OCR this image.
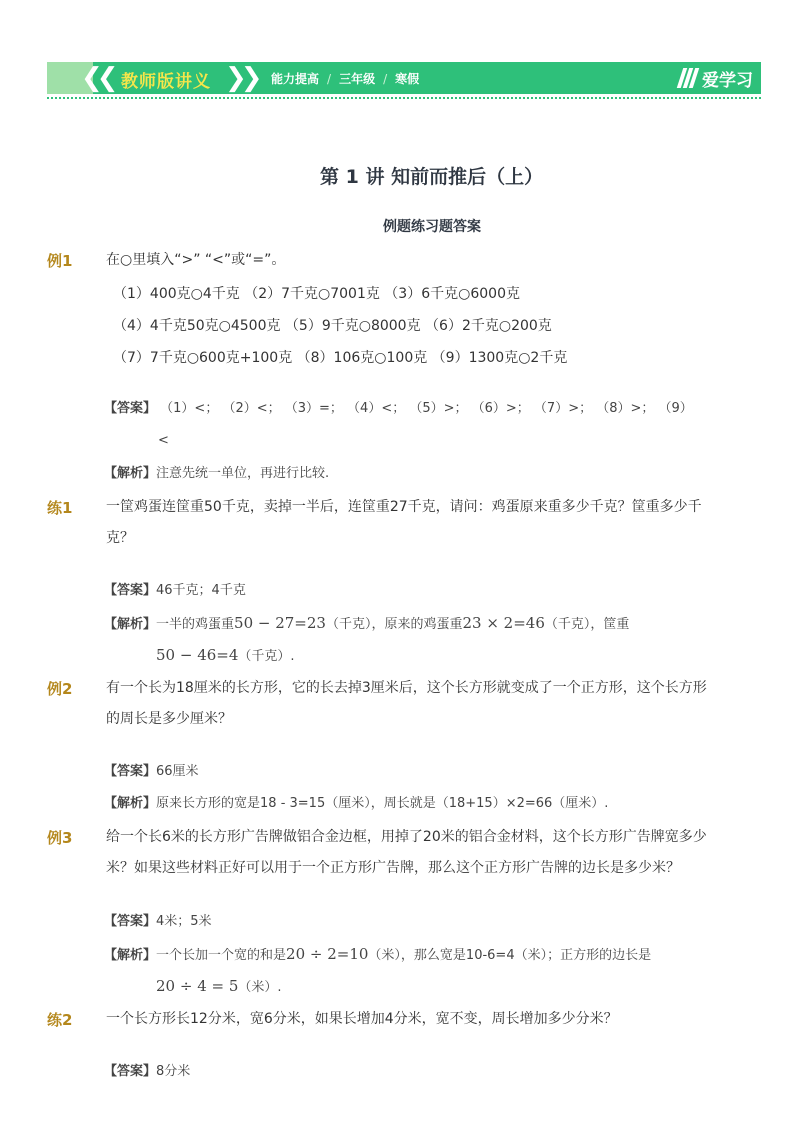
❮❮ 教师版讲义 ❯❯ 能力提高 / 三年级 / 寒假	爱学习
第 1 讲 知前而推后（上）
例题练习题答案
例1 在○里填入“>” “<”或“=”。
（1）400克○4千克 （2）7千克○7001克 （3）6千克○6000克
（4）4千克50克○4500克 （5）9千克○8000克 （6）2千克○200克
（7）7千克○600克+100克 （8）106克○100克 （9）1300克○2千克
【答案】 （1）<； （2）<； （3）=； （4）<； （5）>； （6）>； （7）>； （8）>； （9）
<
【解析】注意先统一单位，再进行比较.
练1 一筐鸡蛋连筐重50千克，卖掉一半后，连筐重27千克，请问：鸡蛋原来重多少千克？筐重多少千
克？
【答案】46千克；4千克
【解析】一半的鸡蛋重50 − 27=23（千克），原来的鸡蛋重23 × 2=46（千克），筐重
50 − 46=4（千克）.
例2 有一个长为18厘米的长方形，它的长去掉3厘米后，这个长方形就变成了一个正方形，这个长方形
的周长是多少厘米？
【答案】66厘米
【解析】原来长方形的宽是18 - 3=15（厘米），周长就是（18+15）×2=66（厘米）.
例3 给一个长6米的长方形广告牌做铝合金边框，用掉了20米的铝合金材料，这个长方形广告牌宽多少
米？如果这些材料正好可以用于一个正方形广告牌，那么这个正方形广告牌的边长是多少米？
【答案】4米；5米
【解析】一个长加一个宽的和是20 ÷ 2=10（米），那么宽是10-6=4（米）；正方形的边长是
20 ÷ 4 = 5（米）.
练2 一个长方形长12分米，宽6分米，如果长增加4分米，宽不变，周长增加多少分米？
【答案】8分米
